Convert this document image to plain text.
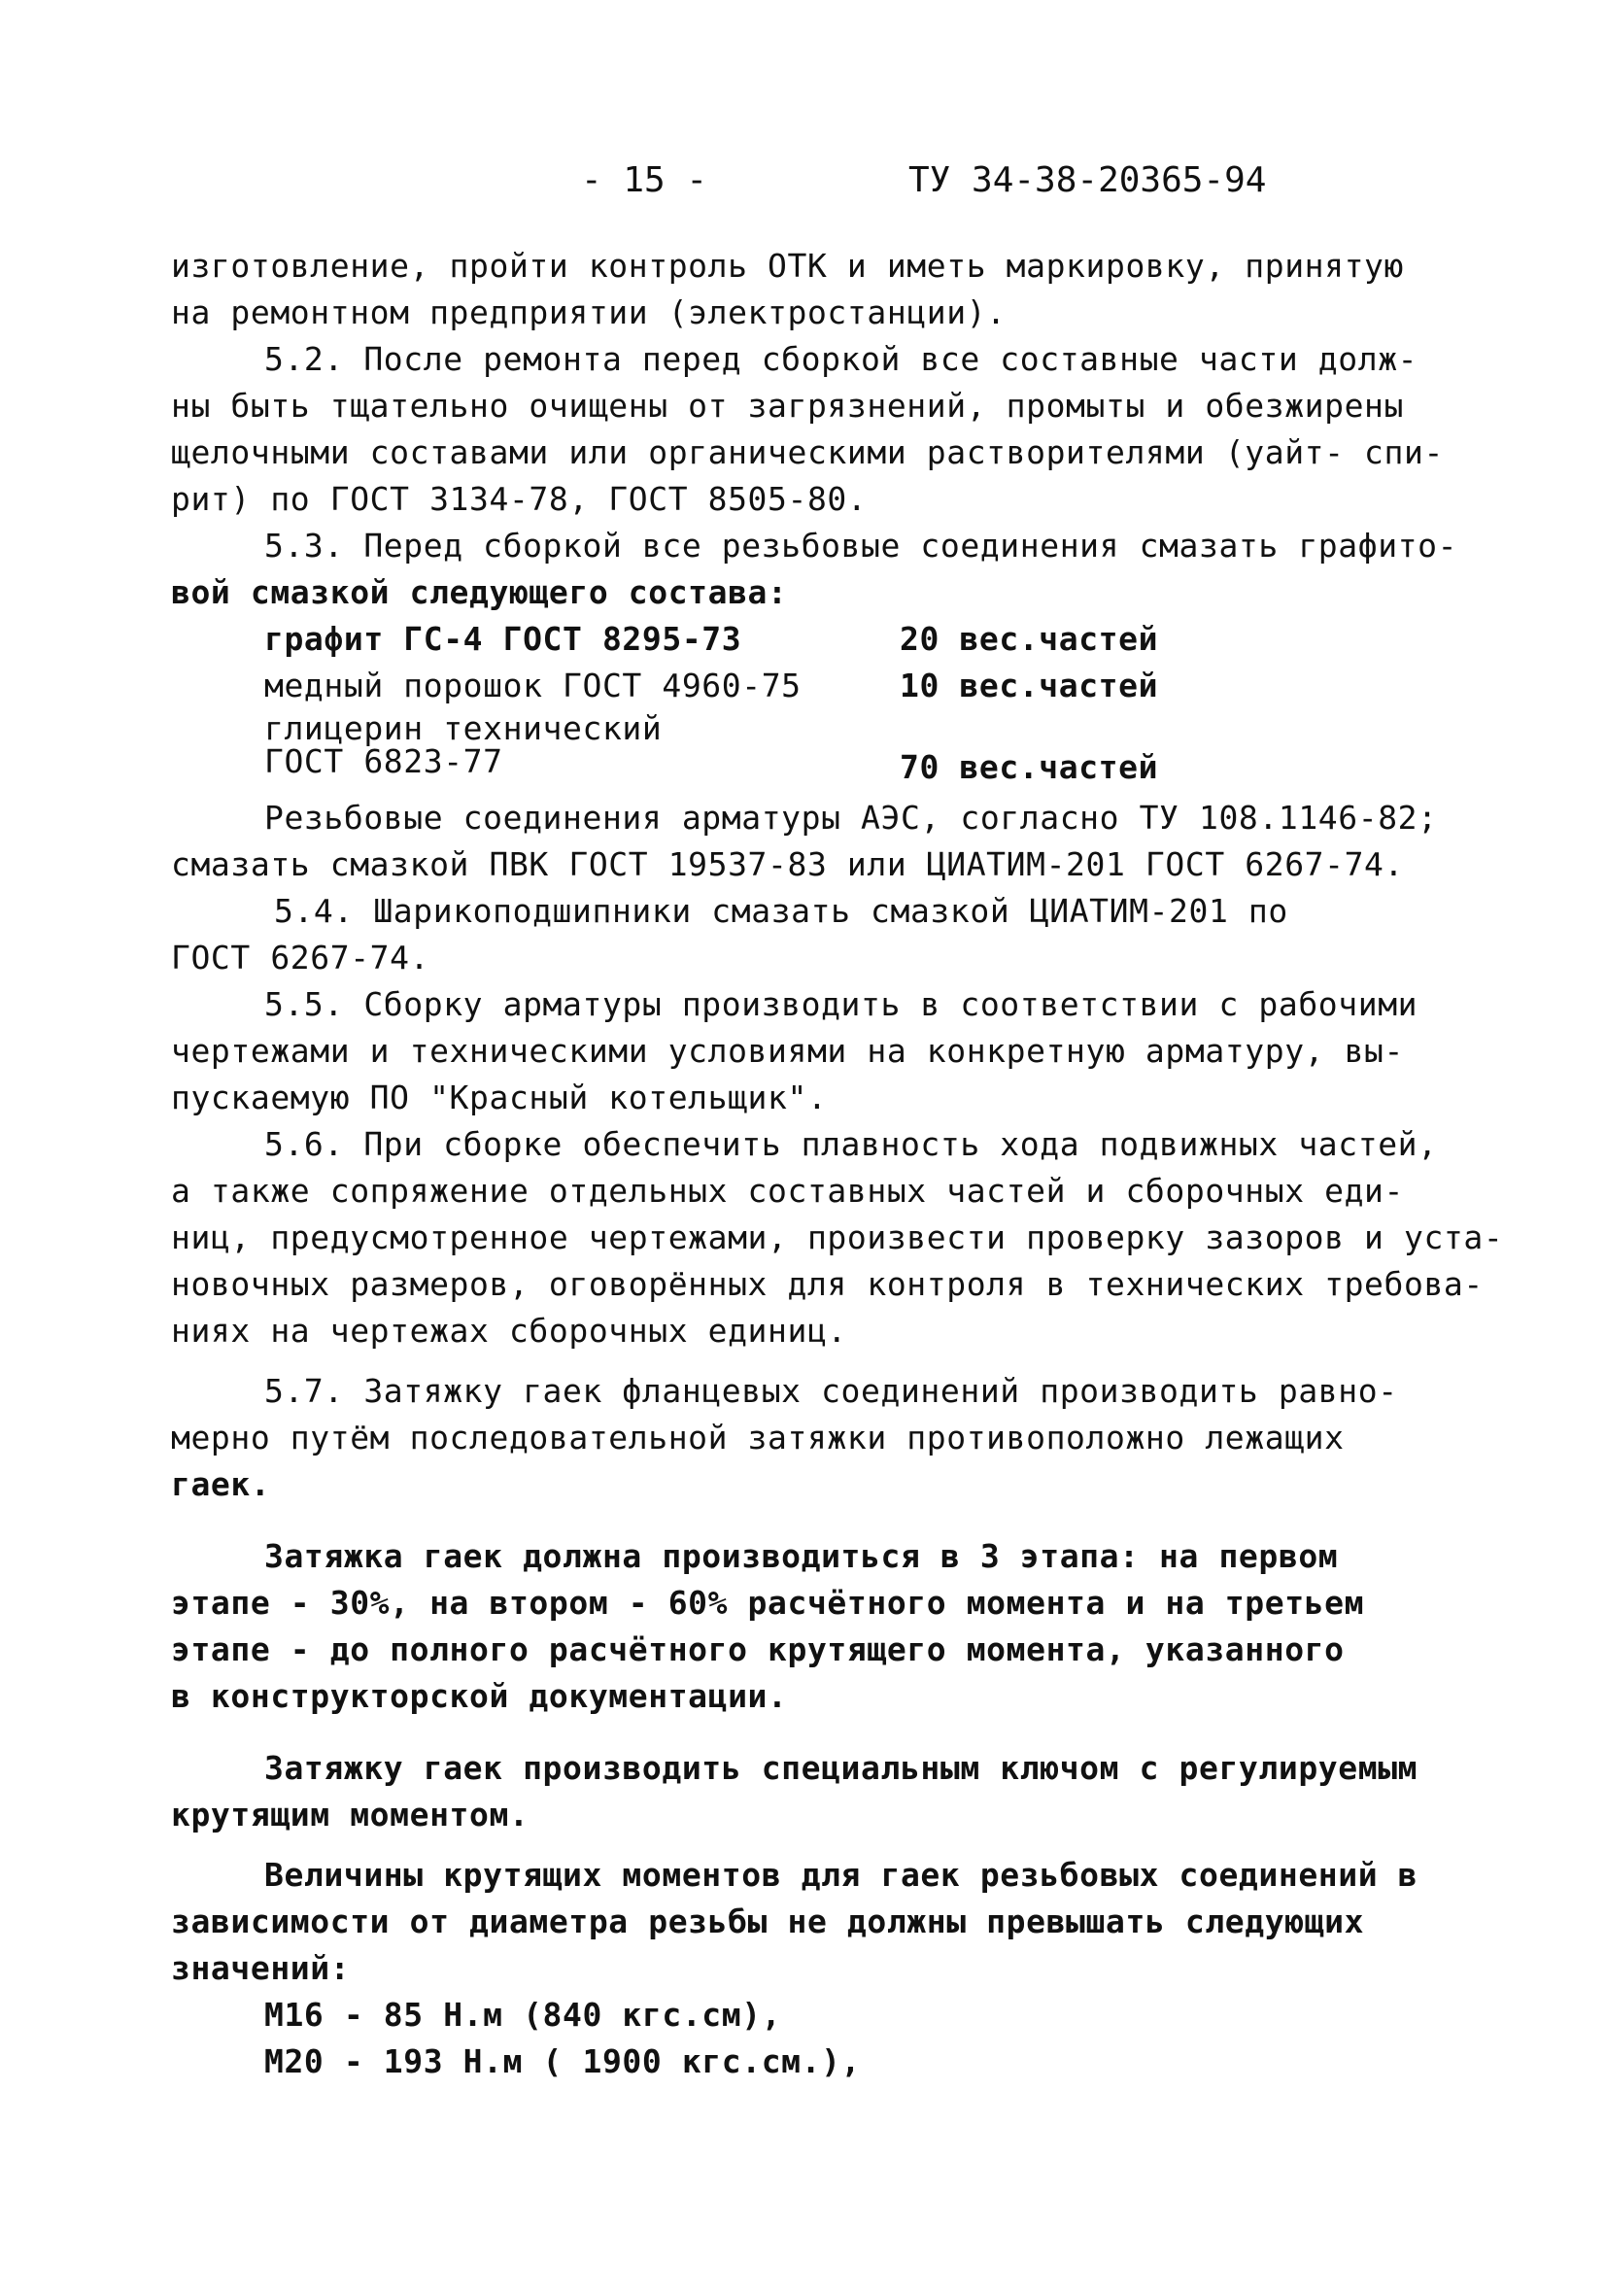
- 15 -	ТУ 34-38-20365-94

изготовление, пройти контроль ОТК и иметь маркировку, принятую

на ремонтном предприятии (электростанции).

5.2. После ремонта перед сборкой все составные части долж-

ны быть тщательно очищены от загрязнений, промыты и обезжирены

щелочными составами или органическими растворителями (уайт- спи-

рит) по ГОСТ 3134-78, ГОСТ 8505-80.

5.3. Перед сборкой все резьбовые соединения смазать графито-

вой смазкой следующего состава:

графит ГС-4 ГОСТ 8295-73	20 вес.частей
медный порошок ГОСТ 4960-75	10 вес.частей
глицерин технический
ГОСТ 6823-77	70 вес.частей

Резьбовые соединения арматуры АЭС, согласно ТУ 108.1146-82;

смазать смазкой ПВК ГОСТ 19537-83 или ЦИАТИМ-201 ГОСТ 6267-74.

5.4. Шарикоподшипники смазать смазкой ЦИАТИМ-201 по

ГОСТ 6267-74.

5.5. Сборку арматуры производить в соответствии с рабочими

чертежами и техническими условиями на конкретную арматуру, вы-

пускаемую ПО "Красный котельщик".

5.6. При сборке обеспечить плавность хода подвижных частей,

а также сопряжение отдельных составных частей и сборочных еди-

ниц, предусмотренное чертежами, произвести проверку зазоров и уста-

новочных размеров, оговорённых для контроля в технических требова-

ниях на чертежах сборочных единиц.

5.7. Затяжку гаек фланцевых соединений производить равно-

мерно путём последовательной затяжки противоположно лежащих

гаек.

Затяжка гаек должна производиться в 3 этапа: на первом

этапе - 30%, на втором - 60% расчётного момента и на третьем

этапе - до полного расчётного крутящего момента, указанного

в конструкторской документации.

Затяжку гаек производить специальным ключом с регулируемым

крутящим моментом.

Величины крутящих моментов для гаек резьбовых соединений в

зависимости от диаметра резьбы не должны превышать следующих

значений:

М16 - 85 Н.м (840 кгс.см),

М20 - 193 Н.м ( 1900 кгс.см.),
